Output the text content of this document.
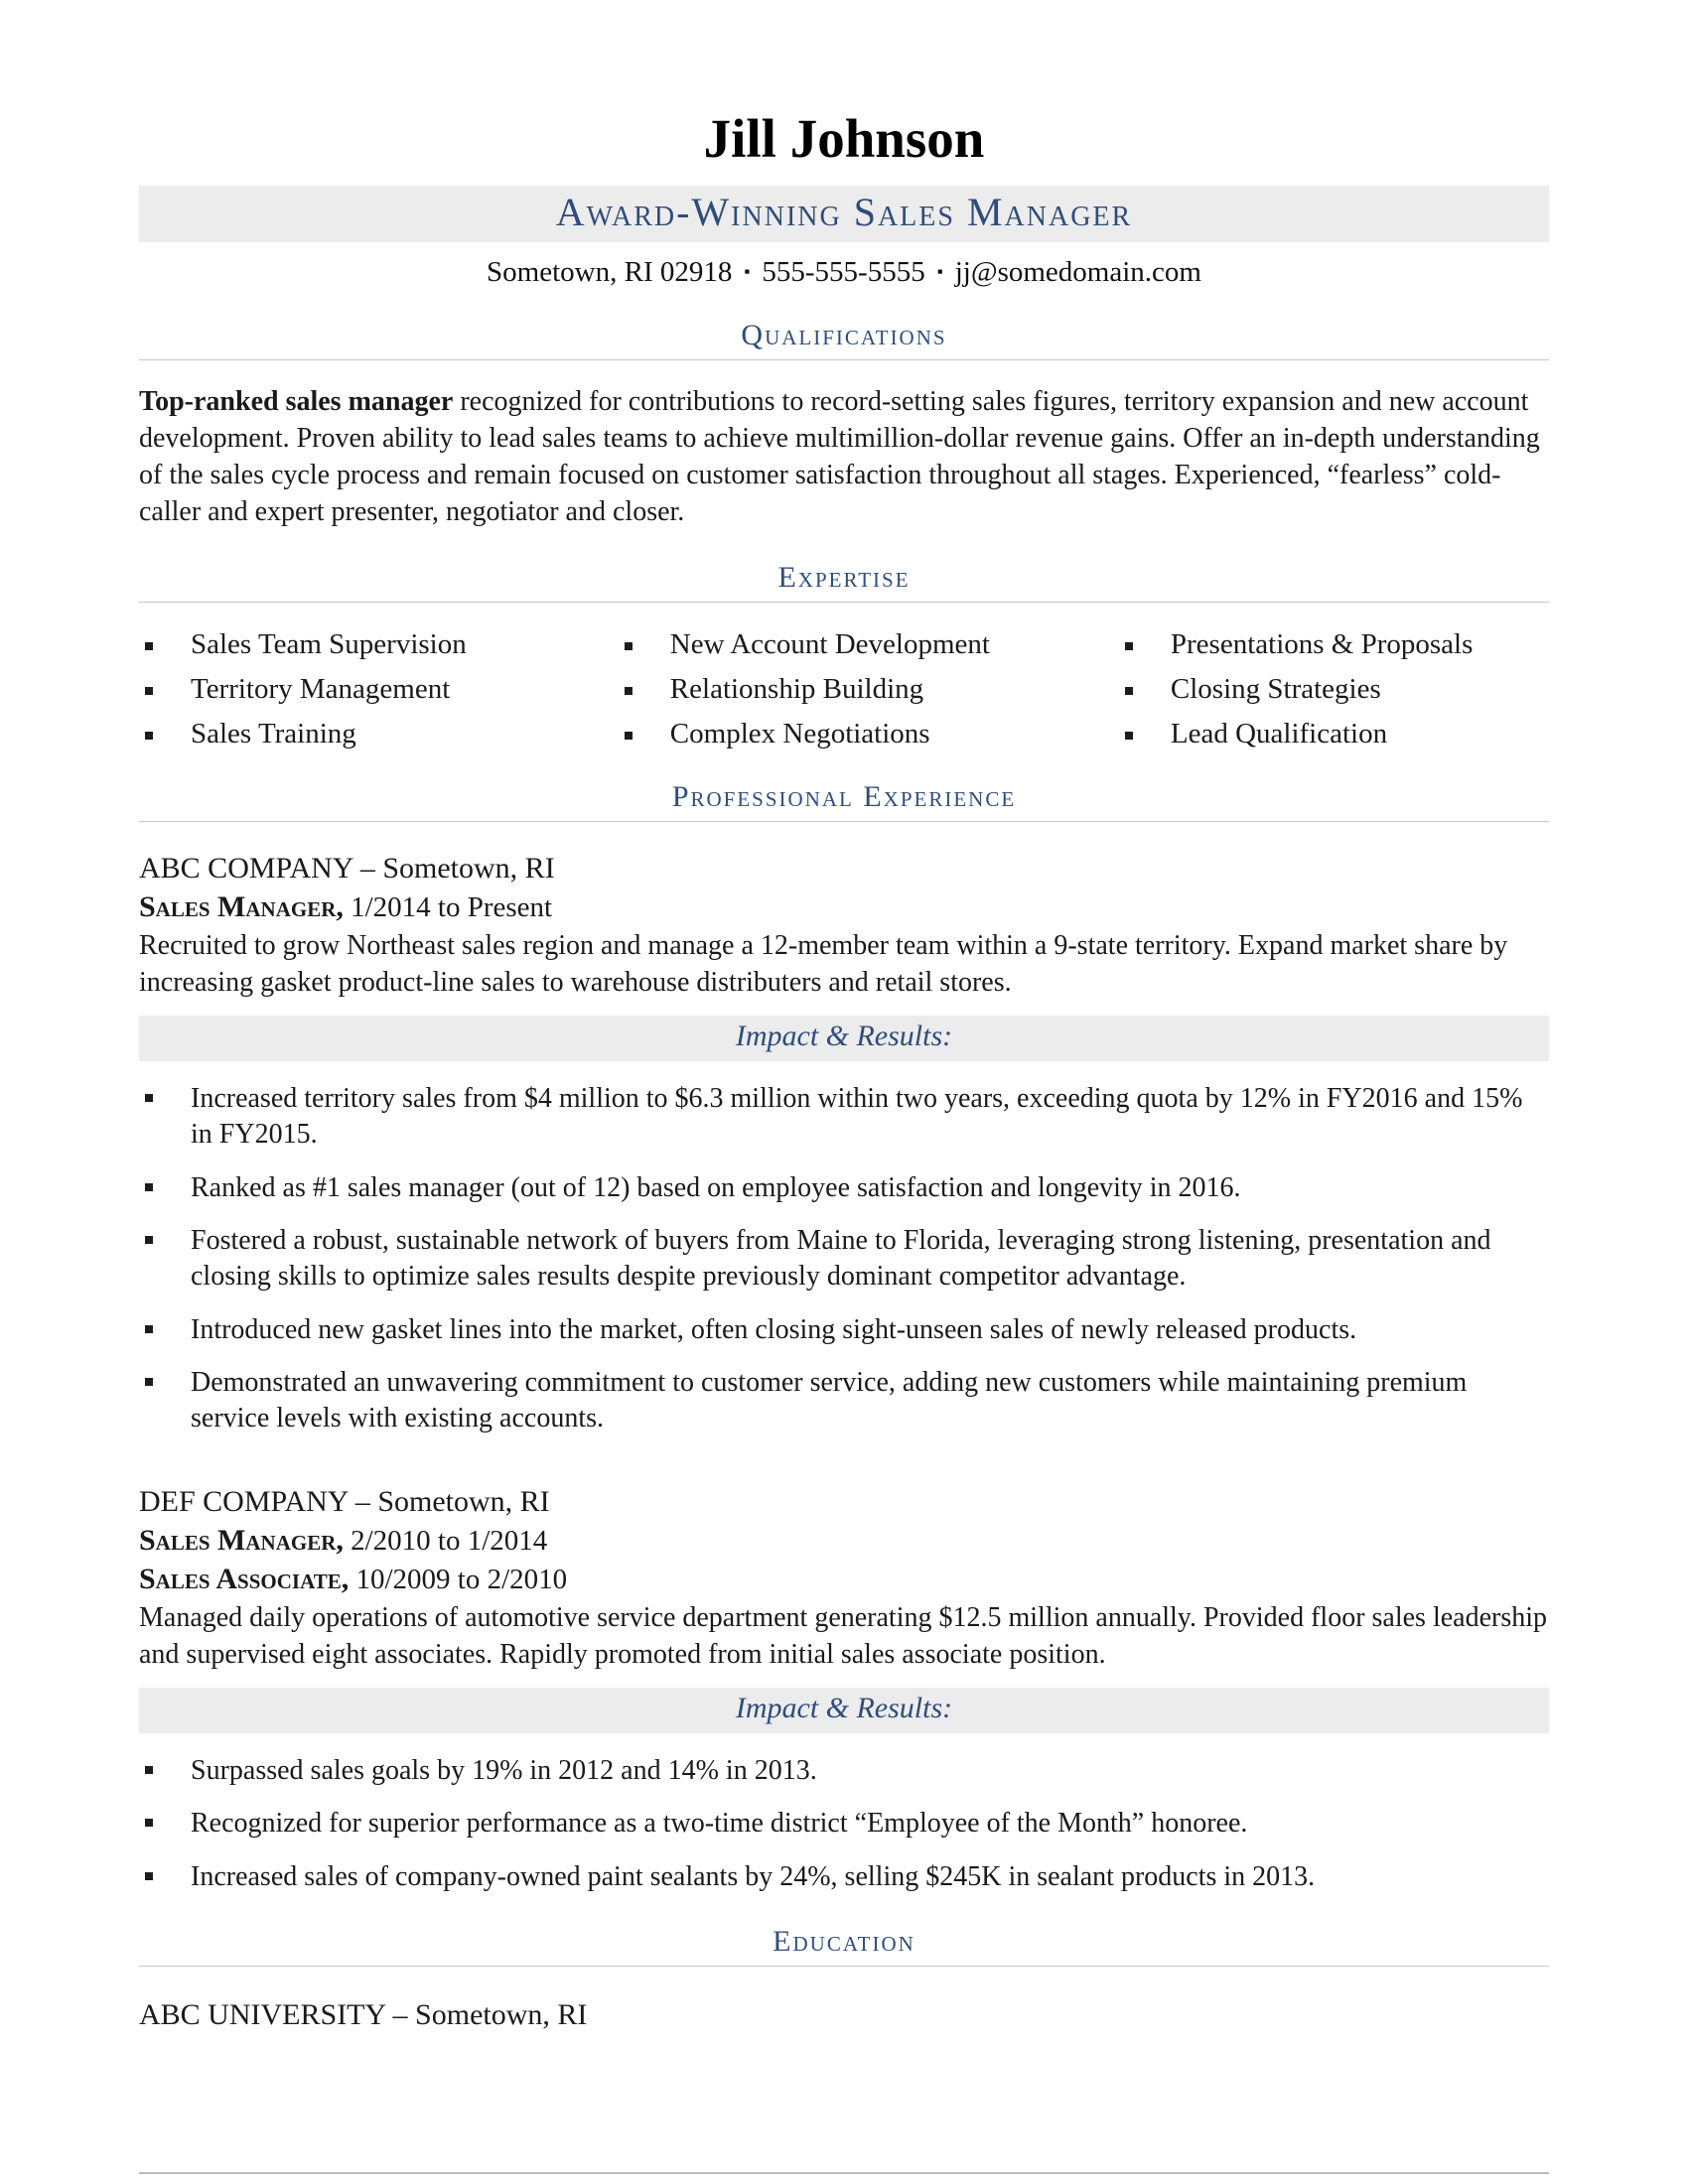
Jill Johnson
Award-Winning Sales Manager
Sometown, RI 02918 ▪ 555-555-5555 ▪ jj@somedomain.com
Qualifications
Top-ranked sales manager recognized for contributions to record-setting sales figures, territory expansion and new account development. Proven ability to lead sales teams to achieve multimillion-dollar revenue gains. Offer an in-depth understanding of the sales cycle process and remain focused on customer satisfaction throughout all stages. Experienced, “fearless” cold-caller and expert presenter, negotiator and closer.
Expertise
Sales Team Supervision	New Account Development	Presentations & Proposals
Territory Management	Relationship Building	Closing Strategies
Sales Training	Complex Negotiations	Lead Qualification
Professional Experience
ABC COMPANY – Sometown, RI
Sales Manager, 1/2014 to Present
Recruited to grow Northeast sales region and manage a 12-member team within a 9-state territory. Expand market share by increasing gasket product-line sales to warehouse distributers and retail stores.
Impact & Results:
Increased territory sales from $4 million to $6.3 million within two years, exceeding quota by 12% in FY2016 and 15% in FY2015.
Ranked as #1 sales manager (out of 12) based on employee satisfaction and longevity in 2016.
Fostered a robust, sustainable network of buyers from Maine to Florida, leveraging strong listening, presentation and closing skills to optimize sales results despite previously dominant competitor advantage.
Introduced new gasket lines into the market, often closing sight-unseen sales of newly released products.
Demonstrated an unwavering commitment to customer service, adding new customers while maintaining premium service levels with existing accounts.
DEF COMPANY – Sometown, RI
Sales Manager, 2/2010 to 1/2014
Sales Associate, 10/2009 to 2/2010
Managed daily operations of automotive service department generating $12.5 million annually. Provided floor sales leadership and supervised eight associates. Rapidly promoted from initial sales associate position.
Impact & Results:
Surpassed sales goals by 19% in 2012 and 14% in 2013.
Recognized for superior performance as a two-time district “Employee of the Month” honoree.
Increased sales of company-owned paint sealants by 24%, selling $245K in sealant products in 2013.
Education
ABC UNIVERSITY – Sometown, RI
